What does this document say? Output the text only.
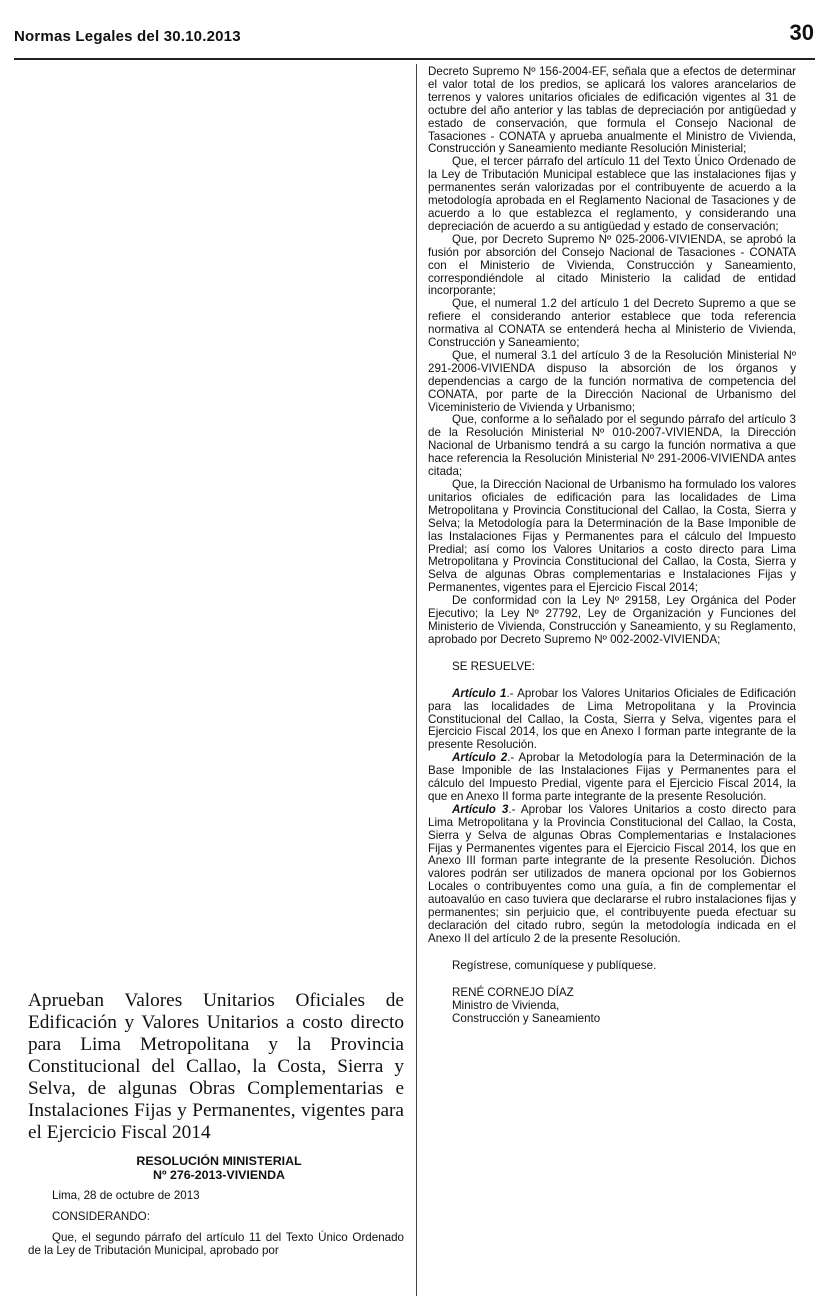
Normas Legales del 30.10.2013	30

Aprueban Valores Unitarios Oficiales de Edificación y Valores Unitarios a costo directo para Lima Metropolitana y la Provincia Constitucional del Callao, la Costa, Sierra y Selva, de algunas Obras Complementarias e Instalaciones Fijas y Permanentes, vigentes para el Ejercicio Fiscal 2014

RESOLUCIÓN MINISTERIAL

Nº 276-2013-VIVIENDA

Lima, 28 de octubre de 2013

CONSIDERANDO:

Que, el segundo párrafo del artículo 11 del Texto Único Ordenado de la Ley de Tributación Municipal, aprobado por

Decreto Supremo Nº 156-2004-EF, señala que a efectos de determinar el valor total de los predios, se aplicará los valores arancelarios de terrenos y valores unitarios oficiales de edificación vigentes al 31 de octubre del año anterior y las tablas de depreciación por antigüedad y estado de conservación, que formula el Consejo Nacional de Tasaciones - CONATA y aprueba anualmente el Ministro de Vivienda, Construcción y Saneamiento mediante Resolución Ministerial;

Que, el tercer párrafo del artículo 11 del Texto Único Ordenado de la Ley de Tributación Municipal establece que las instalaciones fijas y permanentes serán valorizadas por el contribuyente de acuerdo a la metodología aprobada en el Reglamento Nacional de Tasaciones y de acuerdo a lo que establezca el reglamento, y considerando una depreciación de acuerdo a su antigüedad y estado de conservación;

Que, por Decreto Supremo Nº 025-2006-VIVIENDA, se aprobó la fusión por absorción del Consejo Nacional de Tasaciones - CONATA con el Ministerio de Vivienda, Construcción y Saneamiento, correspondiéndole al citado Ministerio la calidad de entidad incorporante;

Que, el numeral 1.2 del artículo 1 del Decreto Supremo a que se refiere el considerando anterior establece que toda referencia normativa al CONATA se entenderá hecha al Ministerio de Vivienda, Construcción y Saneamiento;

Que, el numeral 3.1 del artículo 3 de la Resolución Ministerial Nº 291-2006-VIVIENDA dispuso la absorción de los órganos y dependencias a cargo de la función normativa de competencia del CONATA, por parte de la Dirección Nacional de Urbanismo del Viceministerio de Vivienda y Urbanismo;

Que, conforme a lo señalado por el segundo párrafo del artículo 3 de la Resolución Ministerial Nº 010-2007-VIVIENDA, la Dirección Nacional de Urbanismo tendrá a su cargo la función normativa a que hace referencia la Resolución Ministerial Nº 291-2006-VIVIENDA antes citada;

Que, la Dirección Nacional de Urbanismo ha formulado los valores unitarios oficiales de edificación para las localidades de Lima Metropolitana y Provincia Constitucional del Callao, la Costa, Sierra y Selva; la Metodología para la Determinación de la Base Imponible de las Instalaciones Fijas y Permanentes para el cálculo del Impuesto Predial; así como los Valores Unitarios a costo directo para Lima Metropolitana y Provincia Constitucional del Callao, la Costa, Sierra y Selva de algunas Obras complementarias e Instalaciones Fijas y Permanentes, vigentes para el Ejercicio Fiscal 2014;

De conformidad con la Ley Nº 29158, Ley Orgánica del Poder Ejecutivo; la Ley Nº 27792, Ley de Organización y Funciones del Ministerio de Vivienda, Construcción y Saneamiento, y su Reglamento, aprobado por Decreto Supremo Nº 002-2002-VIVIENDA;

SE RESUELVE:

Artículo 1.- Aprobar los Valores Unitarios Oficiales de Edificación para las localidades de Lima Metropolitana y la Provincia Constitucional del Callao, la Costa, Sierra y Selva, vigentes para el Ejercicio Fiscal 2014, los que en Anexo I forman parte integrante de la presente Resolución.

Artículo 2.- Aprobar la Metodología para la Determinación de la Base Imponible de las Instalaciones Fijas y Permanentes para el cálculo del Impuesto Predial, vigente para el Ejercicio Fiscal 2014, la que en Anexo II forma parte integrante de la presente Resolución.

Artículo 3.- Aprobar los Valores Unitarios a costo directo para Lima Metropolitana y la Provincia Constitucional del Callao, la Costa, Sierra y Selva de algunas Obras Complementarias e Instalaciones Fijas y Permanentes vigentes para el Ejercicio Fiscal 2014, los que en Anexo III forman parte integrante de la presente Resolución. Dichos valores podrán ser utilizados de manera opcional por los Gobiernos Locales o contribuyentes como una guía, a fin de complementar el autoavalúo en caso tuviera que declararse el rubro instalaciones fijas y permanentes; sin perjuicio que, el contribuyente pueda efectuar su declaración del citado rubro, según la metodología indicada en el Anexo II del artículo 2 de la presente Resolución.

Regístrese, comuníquese y publíquese.

RENÉ CORNEJO DÍAZ

Ministro de Vivienda,

Construcción y Saneamiento
